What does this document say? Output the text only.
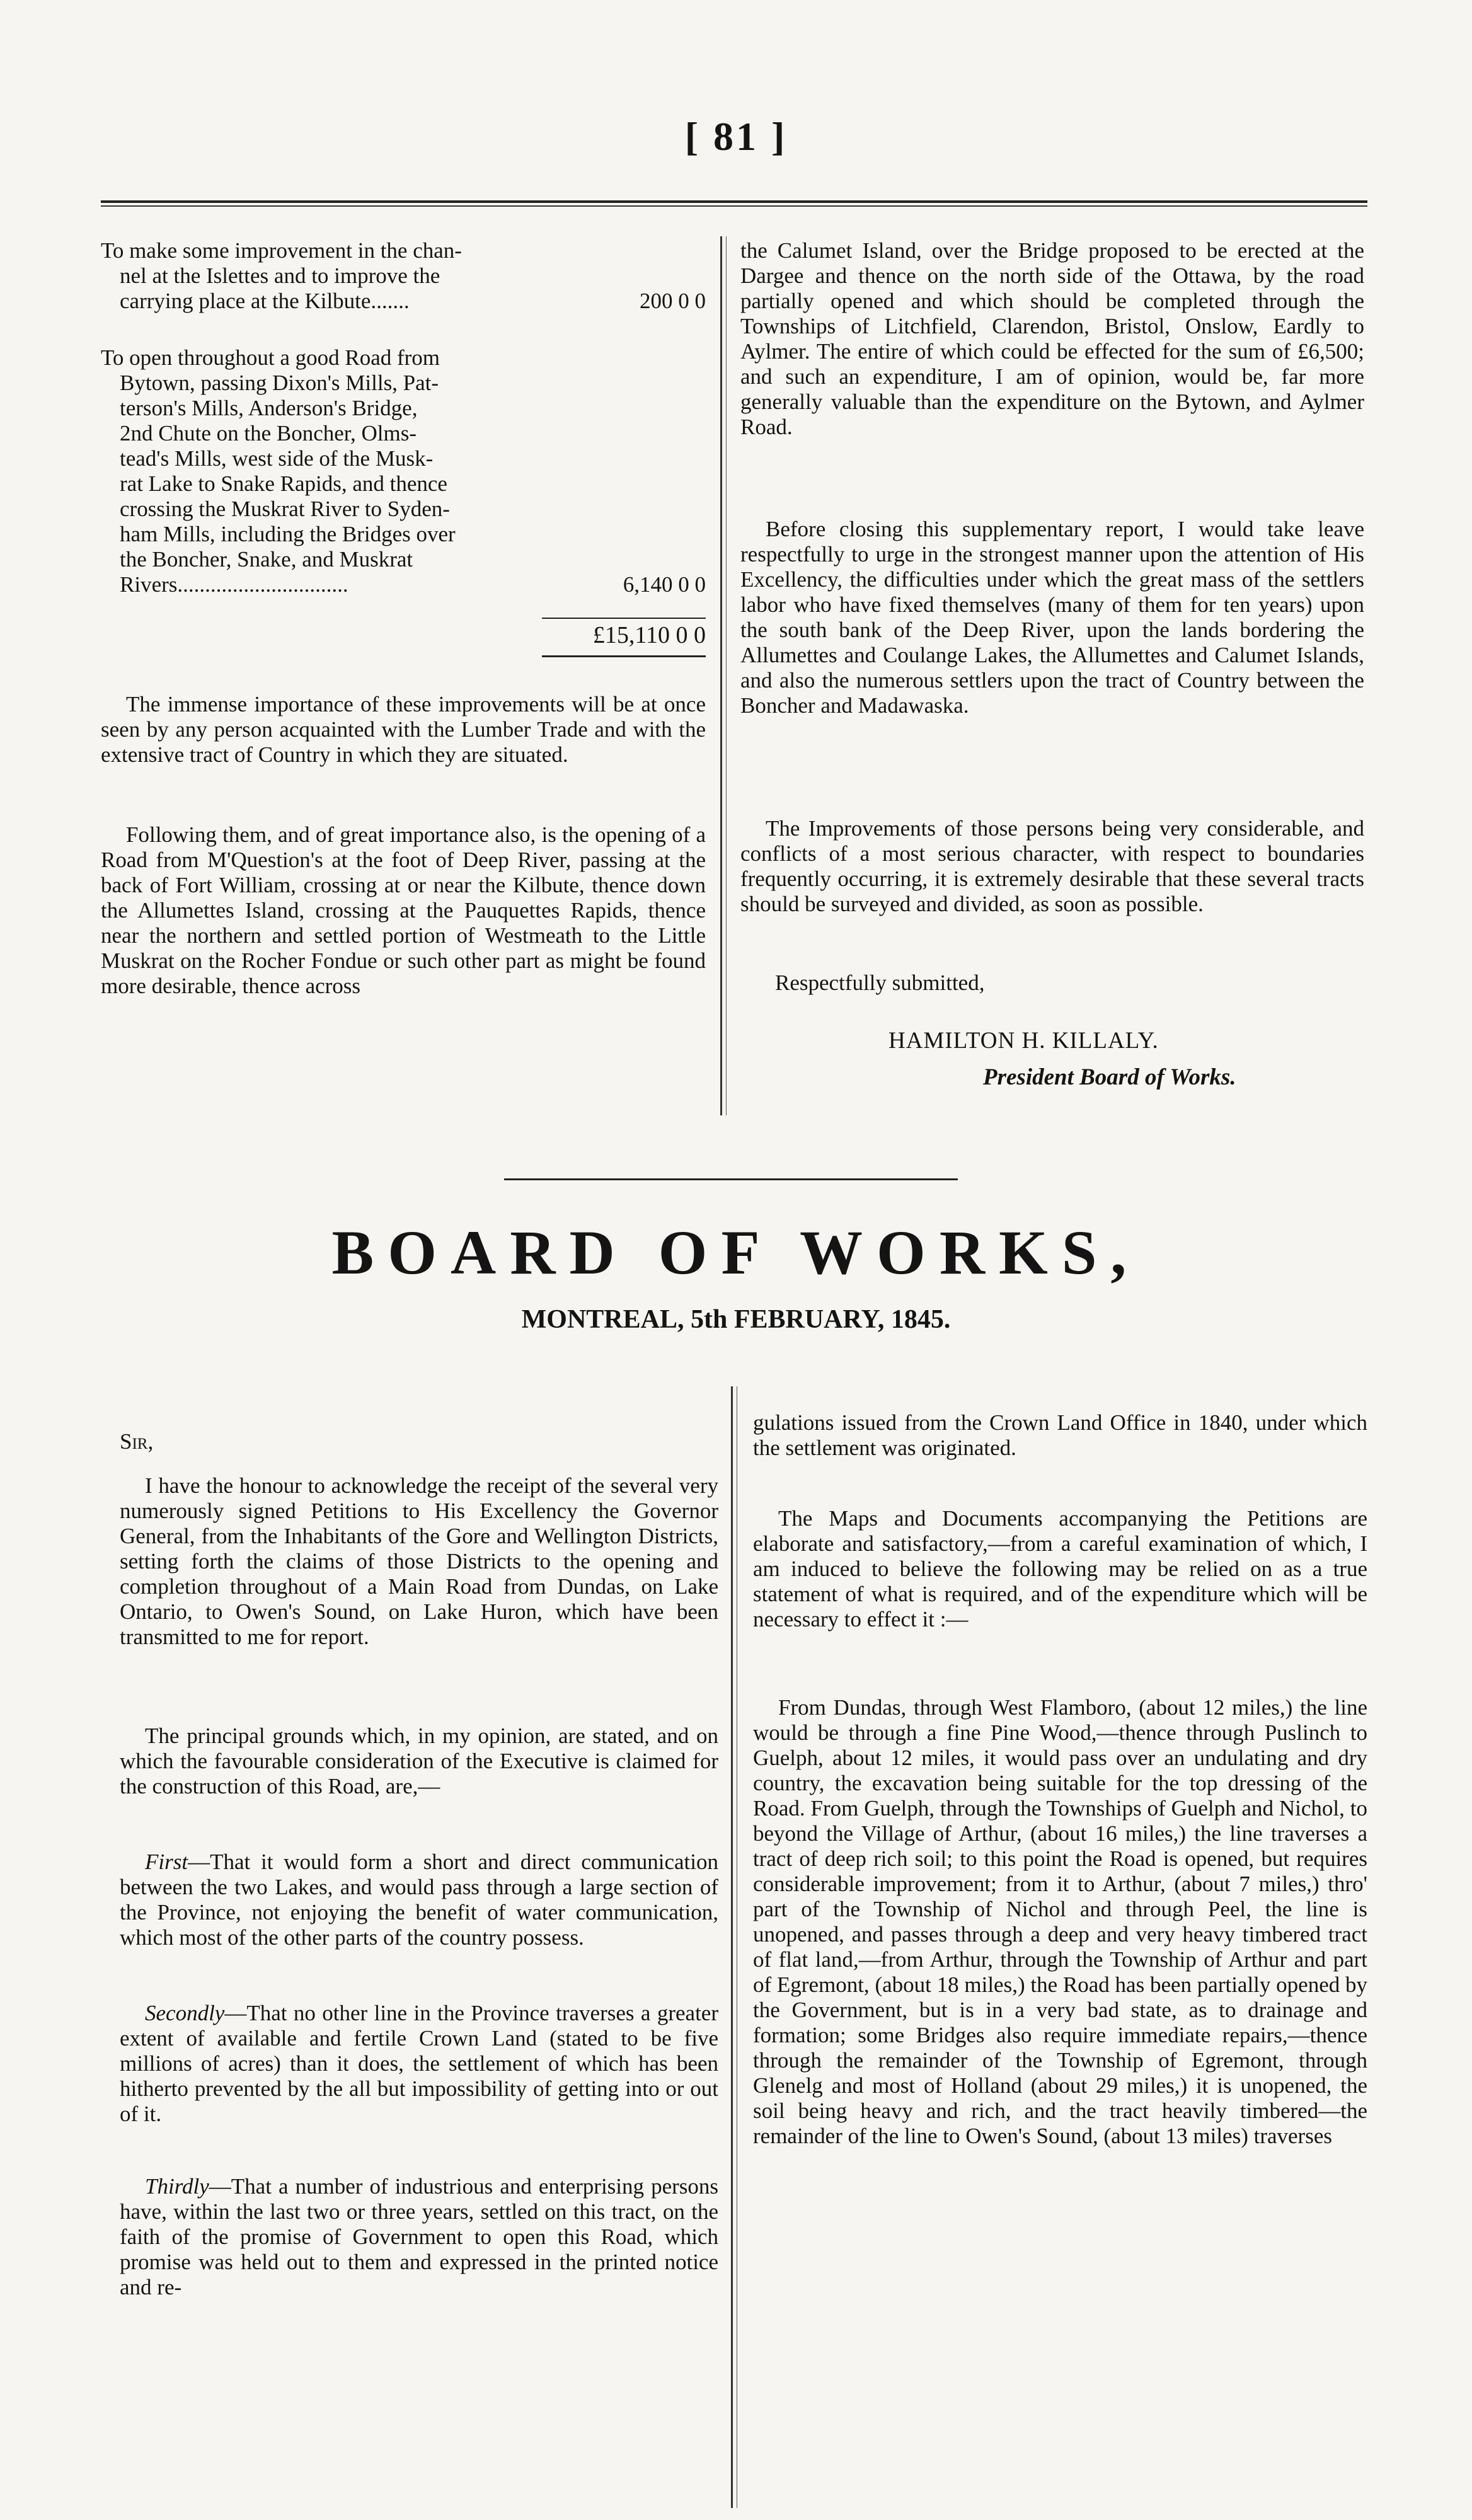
[ 81 ]
To make some improvement in the chan-
nel at the Islettes and to improve the
carrying place at the Kilbute.......	200 0 0
To open throughout a good Road from
Bytown, passing Dixon's Mills, Pat-
terson's Mills, Anderson's Bridge,
2nd Chute on the Boncher, Olms-
tead's Mills, west side of the Musk-
rat Lake to Snake Rapids, and thence
crossing the Muskrat River to Syden-
ham Mills, including the Bridges over
the Boncher, Snake, and Muskrat
Rivers...............................	6,140 0 0
£15,110 0 0
The immense importance of these improvements will be at once seen by any person acquainted with the Lumber Trade and with the extensive tract of Country in which they are situated.
Following them, and of great importance also, is the opening of a Road from M'Question's at the foot of Deep River, passing at the back of Fort William, crossing at or near the Kilbute, thence down the Allumettes Island, crossing at the Pauquettes Rapids, thence near the northern and settled portion of Westmeath to the Little Muskrat on the Rocher Fondue or such other part as might be found more desirable, thence across
the Calumet Island, over the Bridge proposed to be erected at the Dargee and thence on the north side of the Ottawa, by the road partially opened and which should be completed through the Townships of Litchfield, Clarendon, Bristol, Onslow, Eardly to Aylmer. The entire of which could be effected for the sum of £6,500; and such an expenditure, I am of opinion, would be, far more generally valuable than the expenditure on the Bytown, and Aylmer Road.
Before closing this supplementary report, I would take leave respectfully to urge in the strongest manner upon the attention of His Excellency, the difficulties under which the great mass of the settlers labor who have fixed themselves (many of them for ten years) upon the south bank of the Deep River, upon the lands bordering the Allumettes and Coulange Lakes, the Allumettes and Calumet Islands, and also the numerous settlers upon the tract of Country between the Boncher and Madawaska.
The Improvements of those persons being very considerable, and conflicts of a most serious character, with respect to boundaries frequently occurring, it is extremely desirable that these several tracts should be surveyed and divided, as soon as possible.
Respectfully submitted,
HAMILTON H. KILLALY.
President Board of Works.
BOARD OF WORKS,
MONTREAL, 5th FEBRUARY, 1845.
Sir,
I have the honour to acknowledge the receipt of the several very numerously signed Petitions to His Excellency the Governor General, from the Inhabitants of the Gore and Wellington Districts, setting forth the claims of those Districts to the opening and completion throughout of a Main Road from Dundas, on Lake Ontario, to Owen's Sound, on Lake Huron, which have been transmitted to me for report.
The principal grounds which, in my opinion, are stated, and on which the favourable consideration of the Executive is claimed for the construction of this Road, are,—
First—That it would form a short and direct communication between the two Lakes, and would pass through a large section of the Province, not enjoying the benefit of water communication, which most of the other parts of the country possess.
Secondly—That no other line in the Province traverses a greater extent of available and fertile Crown Land (stated to be five millions of acres) than it does, the settlement of which has been hitherto prevented by the all but impossibility of getting into or out of it.
Thirdly—That a number of industrious and enterprising persons have, within the last two or three years, settled on this tract, on the faith of the promise of Government to open this Road, which promise was held out to them and expressed in the printed notice and re-
gulations issued from the Crown Land Office in 1840, under which the settlement was originated.
The Maps and Documents accompanying the Petitions are elaborate and satisfactory,—from a careful examination of which, I am induced to believe the following may be relied on as a true statement of what is required, and of the expenditure which will be necessary to effect it :—
From Dundas, through West Flamboro, (about 12 miles,) the line would be through a fine Pine Wood,—thence through Puslinch to Guelph, about 12 miles, it would pass over an undulating and dry country, the excavation being suitable for the top dressing of the Road. From Guelph, through the Townships of Guelph and Nichol, to beyond the Village of Arthur, (about 16 miles,) the line traverses a tract of deep rich soil; to this point the Road is opened, but requires considerable improvement; from it to Arthur, (about 7 miles,) thro' part of the Township of Nichol and through Peel, the line is unopened, and passes through a deep and very heavy timbered tract of flat land,—from Arthur, through the Township of Arthur and part of Egremont, (about 18 miles,) the Road has been partially opened by the Government, but is in a very bad state, as to drainage and formation; some Bridges also require immediate repairs,—thence through the remainder of the Township of Egremont, through Glenelg and most of Holland (about 29 miles,) it is unopened, the soil being heavy and rich, and the tract heavily timbered—the remainder of the line to Owen's Sound, (about 13 miles) traverses
